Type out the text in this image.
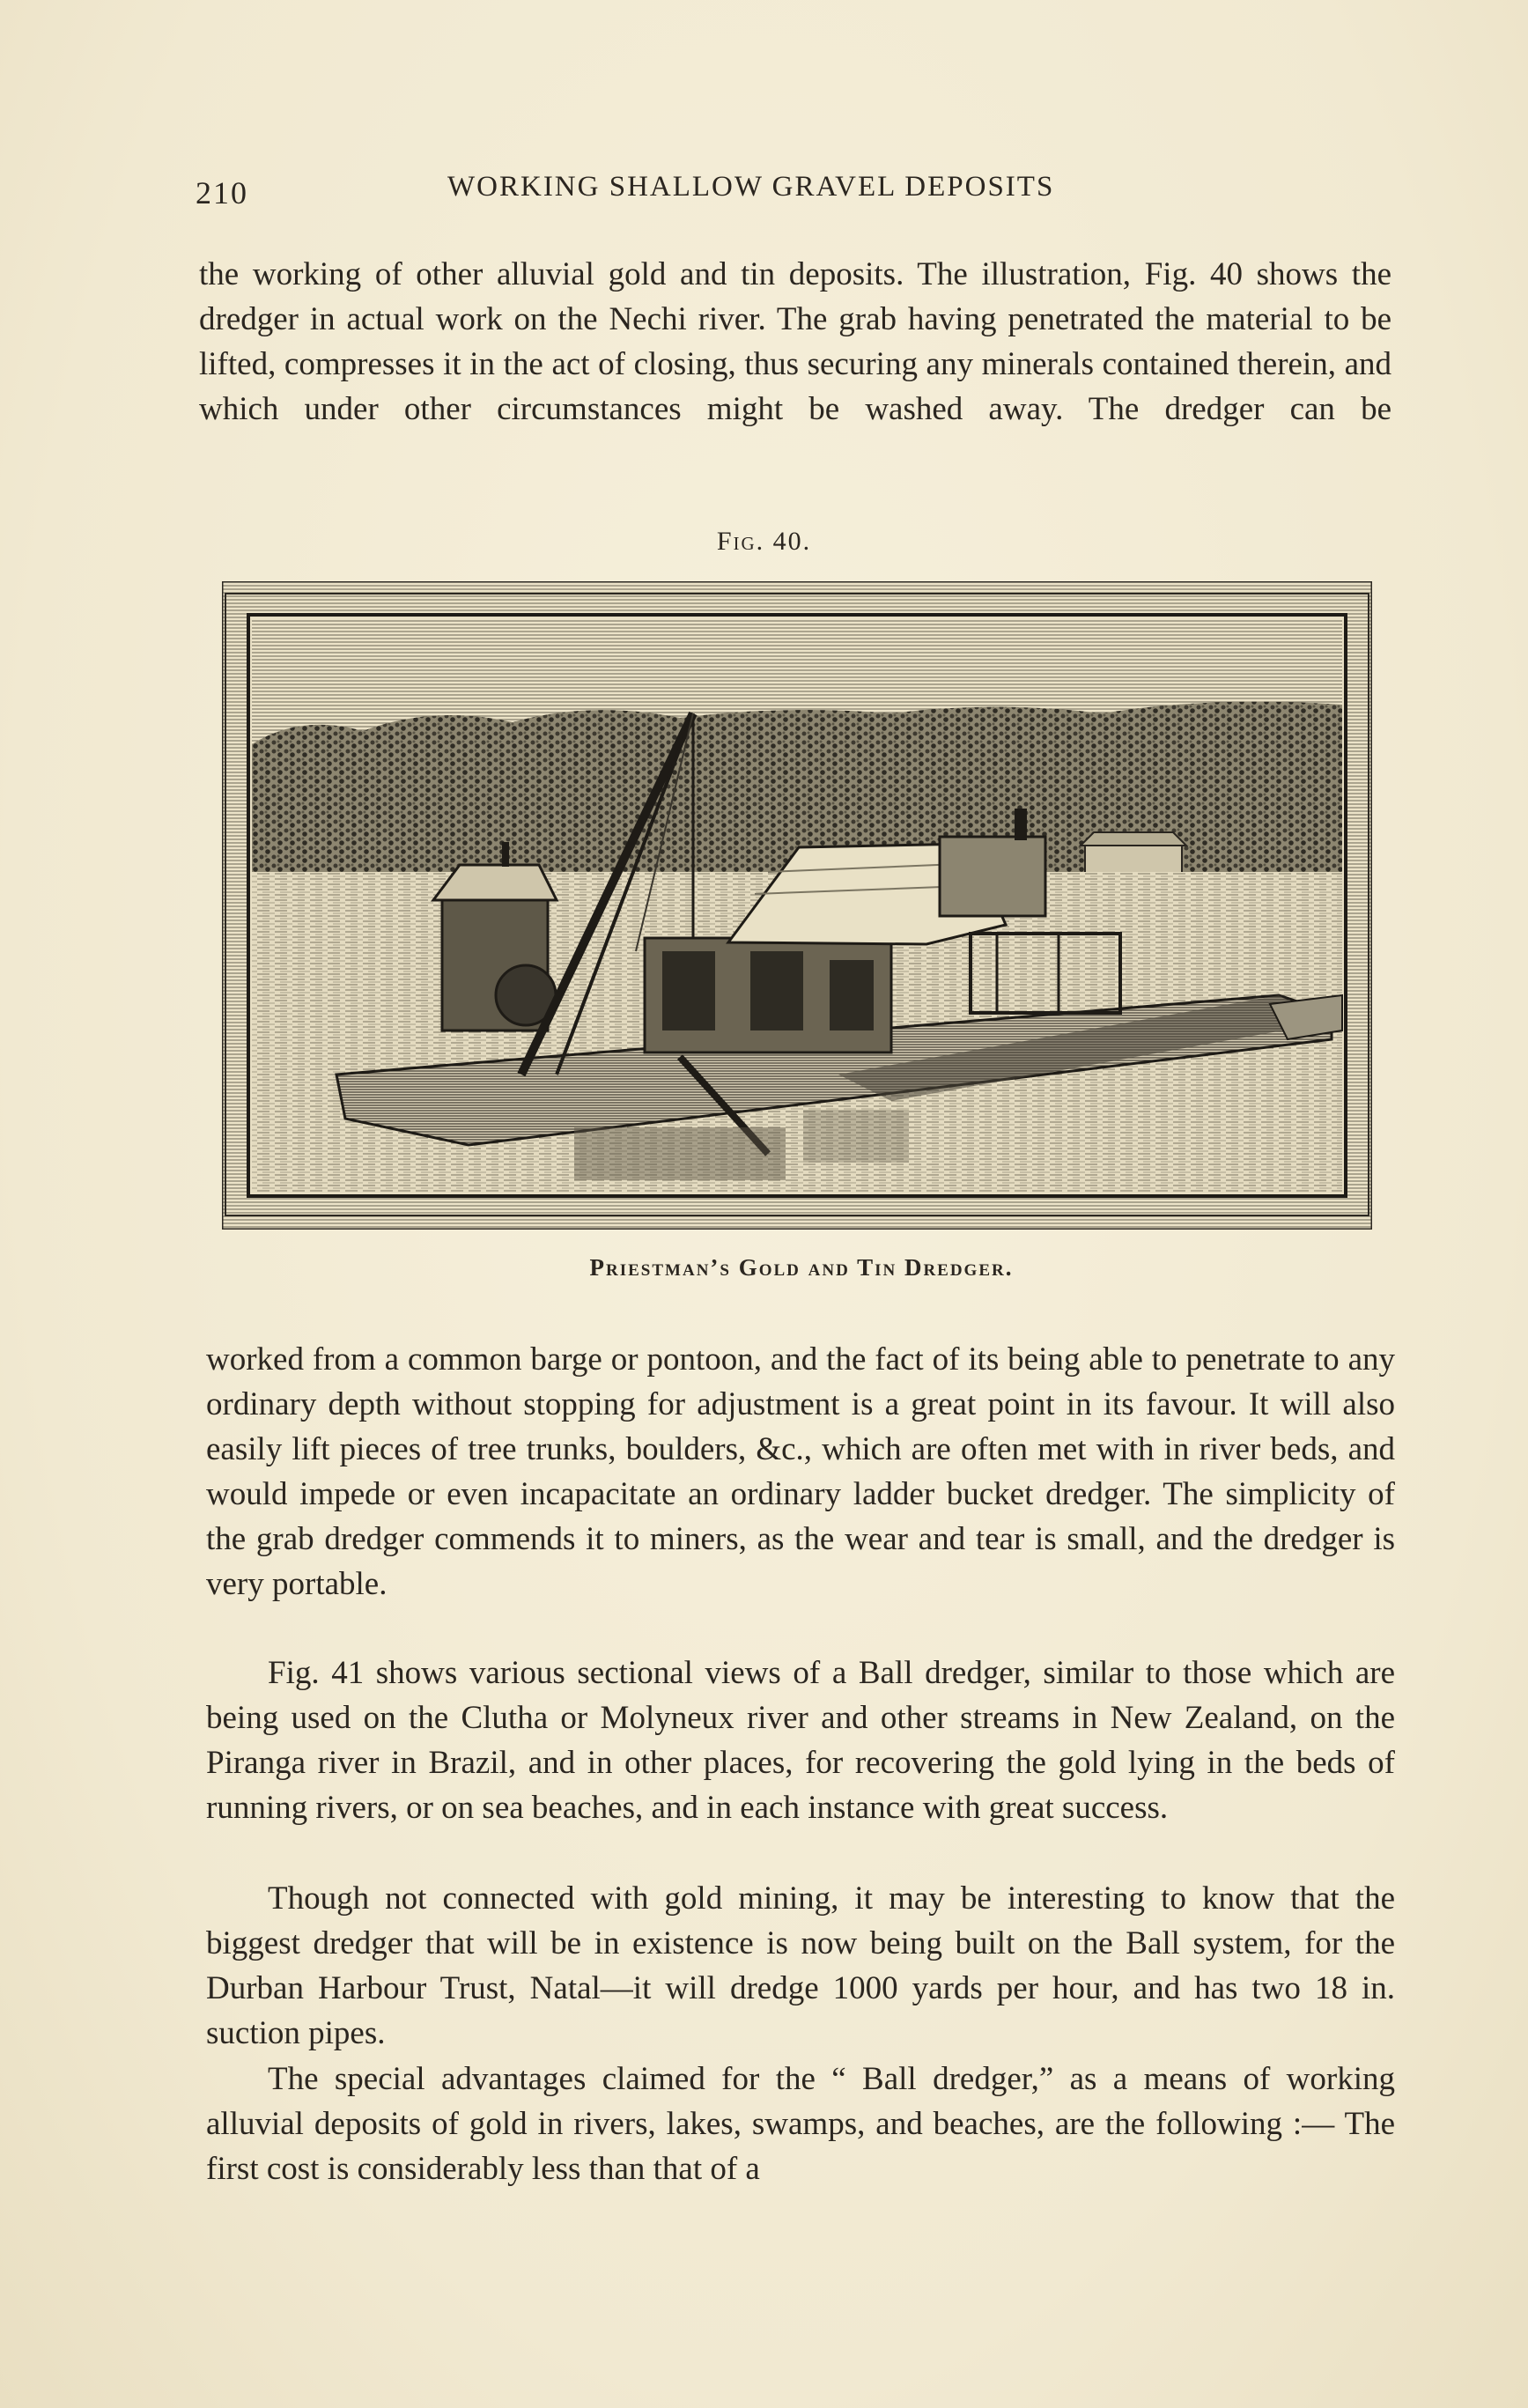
210	WORKING SHALLOW GRAVEL DEPOSITS

the working of other alluvial gold and tin deposits. The illustration, Fig. 40 shows the dredger in actual work on the Nechi river. The grab having penetrated the material to be lifted, compresses it in the act of closing, thus securing any minerals contained therein, and which under other circumstances might be washed away. The dredger can be

Fig. 40.
Priestman’s Gold and Tin Dredger.

worked from a common barge or pontoon, and the fact of its being able to penetrate to any ordinary depth without stopping for adjustment is a great point in its favour. It will also easily lift pieces of tree trunks, boulders, &c., which are often met with in river beds, and would impede or even incapacitate an ordinary ladder bucket dredger. The simplicity of the grab dredger commends it to miners, as the wear and tear is small, and the dredger is very portable.

Fig. 41 shows various sectional views of a Ball dredger, similar to those which are being used on the Clutha or Molyneux river and other streams in New Zealand, on the Piranga river in Brazil, and in other places, for recovering the gold lying in the beds of running rivers, or on sea beaches, and in each instance with great success.

Though not connected with gold mining, it may be interesting to know that the biggest dredger that will be in existence is now being built on the Ball system, for the Durban Harbour Trust, Natal—it will dredge 1000 yards per hour, and has two 18 in. suction pipes.

The special advantages claimed for the “ Ball dredger,” as a means of working alluvial deposits of gold in rivers, lakes, swamps, and beaches, are the following :— The first cost is considerably less than that of a
